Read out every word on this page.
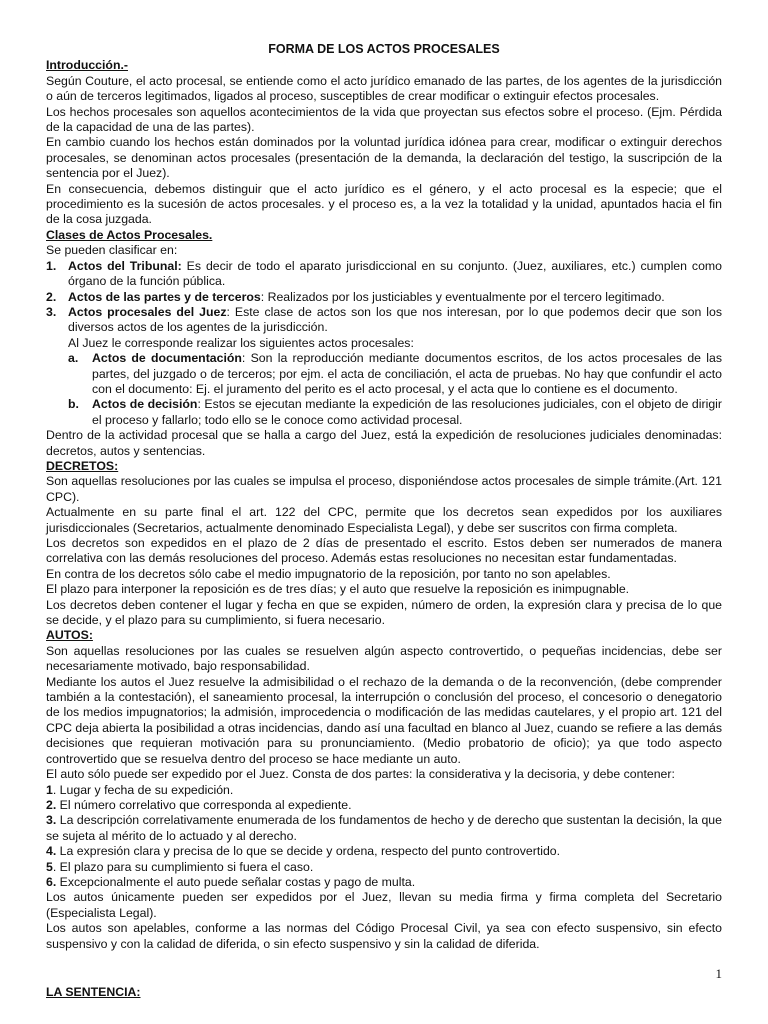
FORMA DE LOS ACTOS PROCESALES
Introducción.-

Según Couture, el acto procesal, se entiende como el acto jurídico emanado de las partes, de los agentes de la jurisdicción o aún de terceros legitimados, ligados al proceso, susceptibles de crear modificar o extinguir efectos procesales.

Los hechos procesales son aquellos acontecimientos de la vida que proyectan sus efectos sobre el proceso. (Ejm. Pérdida de la capacidad de una de las partes).

En cambio cuando los hechos están dominados por la voluntad jurídica idónea para crear, modificar o extinguir derechos procesales, se denominan actos procesales (presentación de la demanda, la declaración del testigo, la suscripción de la sentencia por el Juez).

En consecuencia, debemos distinguir que el acto jurídico es el género, y el acto procesal es la especie; que el procedimiento es la sucesión de actos procesales. y el proceso es, a la vez la totalidad y la unidad, apuntados hacia el fin de la cosa juzgada.

Clases de Actos Procesales.

Se pueden clasificar en:

1. Actos del Tribunal: Es decir de todo el aparato jurisdiccional en su conjunto. (Juez, auxiliares, etc.) cumplen como órgano de la función pública.
2. Actos de las partes y de terceros: Realizados por los justiciables y eventualmente por el tercero legitimado.
3. Actos procesales del Juez: Este clase de actos son los que nos interesan, por lo que podemos decir que son los diversos actos de los agentes de la jurisdicción.
Al Juez le corresponde realizar los siguientes actos procesales:
a.	Actos de documentación: Son la reproducción mediante documentos escritos, de los actos procesales de las partes, del juzgado o de terceros; por ejm. el acta de conciliación, el acta de pruebas. No hay que confundir el acto con el documento: Ej. el juramento del perito es el acto procesal, y el acta que lo contiene es el documento.
b.	Actos de decisión: Estos se ejecutan mediante la expedición de las resoluciones judiciales, con el objeto de dirigir el proceso y fallarlo; todo ello se le conoce como actividad procesal.

Dentro de la actividad procesal que se halla a cargo del Juez, está la expedición de resoluciones judiciales denominadas: decretos, autos y sentencias.

DECRETOS:

Son aquellas resoluciones por las cuales se impulsa el proceso, disponiéndose actos procesales de simple trámite.(Art. 121 CPC).

Actualmente en su parte final el art. 122 del CPC, permite que los decretos sean expedidos por los auxiliares jurisdiccionales (Secretarios, actualmente denominado Especialista Legal), y debe ser suscritos con firma completa.

Los decretos son expedidos en el plazo de 2 días de presentado el escrito. Estos deben ser numerados de manera correlativa con las demás resoluciones del proceso. Además estas resoluciones no necesitan estar fundamentadas.

En contra de los decretos sólo cabe el medio impugnatorio de la reposición, por tanto no son apelables.

El plazo para interponer la reposición es de tres días; y el auto que resuelve la reposición es inimpugnable.

Los decretos deben contener el lugar y fecha en que se expiden, número de orden, la expresión clara y precisa de lo que se decide, y el plazo para su cumplimiento, si fuera necesario.

AUTOS:

Son aquellas resoluciones por las cuales se resuelven algún aspecto controvertido, o pequeñas incidencias, debe ser necesariamente motivado, bajo responsabilidad.

Mediante los autos el Juez resuelve la admisibilidad o el rechazo de la demanda o de la reconvención, (debe comprender también a la contestación), el saneamiento procesal, la interrupción o conclusión del proceso, el concesorio o denegatorio de los medios impugnatorios; la admisión, improcedencia o modificación de las medidas cautelares, y el propio art. 121 del CPC deja abierta la posibilidad a otras incidencias, dando así una facultad en blanco al Juez, cuando se refiere a las demás decisiones que requieran motivación para su pronunciamiento. (Medio probatorio de oficio); ya que todo aspecto controvertido que se resuelva dentro del proceso se hace mediante un auto.

El auto sólo puede ser expedido por el Juez. Consta de dos partes: la considerativa y la decisoria, y debe contener:

1. Lugar y fecha de su expedición.

2. El número correlativo que corresponda al expediente.

3. La descripción correlativamente enumerada de los fundamentos de hecho y de derecho que sustentan la decisión, la que se sujeta al mérito de lo actuado y al derecho.

4. La expresión clara y precisa de lo que se decide y ordena, respecto del punto controvertido.

5. El plazo para su cumplimiento si fuera el caso.

6. Excepcionalmente el auto puede señalar costas y pago de multa.

Los autos únicamente pueden ser expedidos por el Juez, llevan su media firma y firma completa del Secretario (Especialista Legal).

Los autos son apelables, conforme a las normas del Código Procesal Civil, ya sea con efecto suspensivo, sin efecto suspensivo y con la calidad de diferida, o sin efecto suspensivo y sin la calidad de diferida.

LA SENTENCIA:
1
